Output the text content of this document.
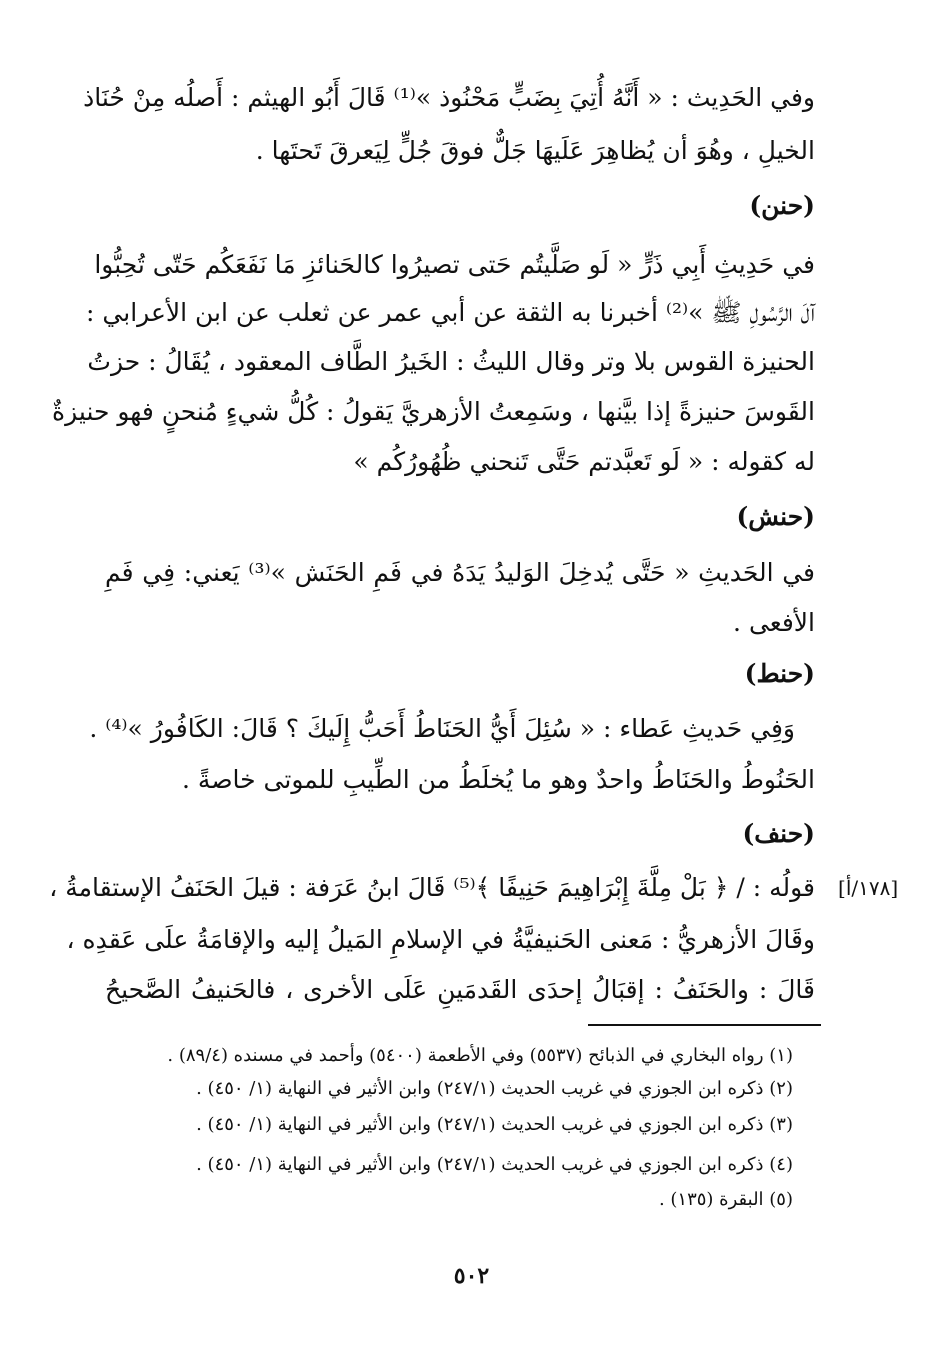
وفي الحَدِيث : « أَنَّهُ أُتِيَ بِضَبٍّ مَحْنُوذ »⁽¹⁾ قَالَ أَبُو الهيثم : أَصلُه مِنْ حُنَاذ
الخيلِ ، وهُوَ أن يُظاهِرَ عَلَيهَا جَلٌّ فوقَ جُلٍّ لِيَعرقَ تَحتَها .
(حنن)
في حَدِيثِ أَبِي ذَرٍّ « لَو صَلَّيتُم حَتى تصيرُوا كالحَنائزِ مَا نَفَعَكُم حَتّى تُحِبُّوا
آلَ الرَّسُولِ ﷺ »⁽²⁾ أخبرنا به الثقة عن أبي عمر عن ثعلب عن ابن الأعرابي :
الحنيزة القوس بلا وتر وقال الليثُ : الخَيرُ الطَّاف المعقود ، يُقَالُ : حزتُ
القَوسَ حنيزةً إذا بيَّنها ، وسَمِعتُ الأزهريَّ يَقولُ : كُلُّ شيءٍ مُنحنٍ فهو حنيزةٌ
له كقوله : « لَو تَعبَّدتم حَتَّى تَنحني ظُهُورُكُم »
(حنش)
في الحَديثِ « حَتَّى يُدخِلَ الوَليدُ يَدَهُ في فَمِ الحَنَش »⁽³⁾ يَعني: فِي فَمِ
الأفعى .
(حنط)
وَفِي حَديثِ عَطاء : « سُئِلَ أَيُّ الحَنَاطُ أَحَبُّ إِلَيكَ ؟ قَالَ: الكَافُورُ »⁽⁴⁾ .
الحَنُوطُ والحَنَاطُ واحدٌ وهو ما يُخلَطُ من الطِّيبِ للموتى خاصةً .
(حنف)
[١٧٨/أ]
قولُه : / ﴿ بَلْ مِلَّةَ إِبْرَاهِيمَ حَنِيفًا ﴾⁽⁵⁾ قَالَ ابنُ عَرَفة : قيلَ الحَنَفُ الإستقامةُ ،
وقَالَ الأزهريُّ : مَعنى الحَنيفيَّةُ في الإسلامِ المَيلُ إليه والإقامَةُ علَى عَقدِه ،
قَالَ : والحَنَفُ : إقبَالُ إحدَى القَدمَينِ عَلَى الأخرى ، فالحَنيفُ الصَّحيحُ
(١) رواه البخاري في الذبائح (٥٥٣٧) وفي الأطعمة (٥٤٠٠) وأحمد في مسنده (٨٩/٤) .
(٢) ذكره ابن الجوزي في غريب الحديث (٢٤٧/١) وابن الأثير في النهاية (١/ ٤٥٠) .
(٣) ذكره ابن الجوزي في غريب الحديث (٢٤٧/١) وابن الأثير في النهاية (١/ ٤٥٠) .
(٤) ذكره ابن الجوزي في غريب الحديث (٢٤٧/١) وابن الأثير في النهاية (١/ ٤٥٠) .
(٥) البقرة (١٣٥) .
٥٠٢
